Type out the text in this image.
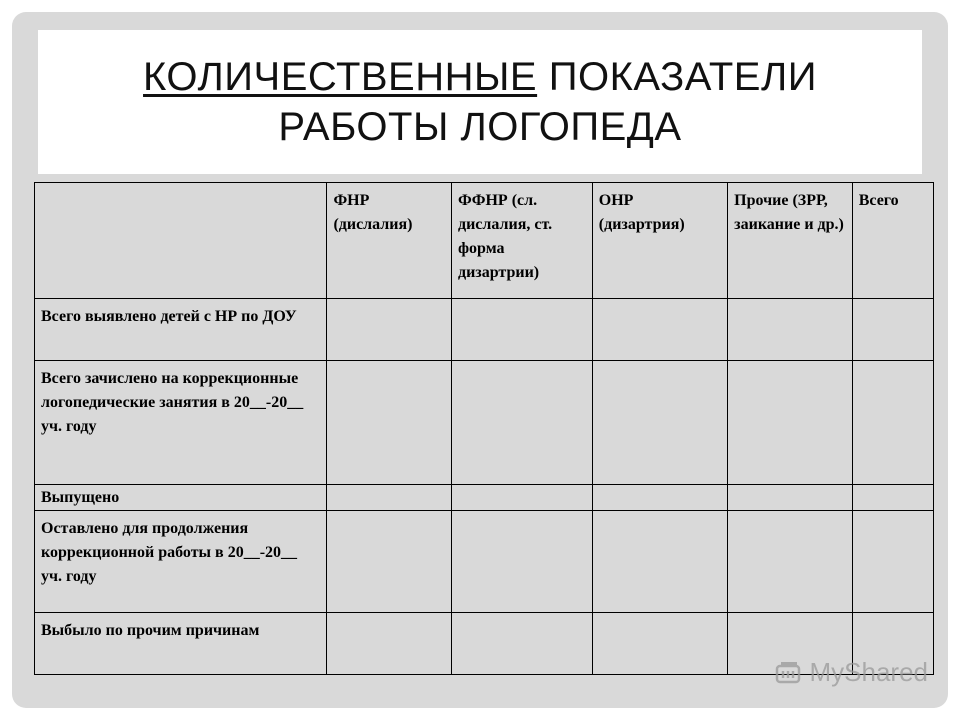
КОЛИЧЕСТВЕННЫЕ ПОКАЗАТЕЛИ
РАБОТЫ ЛОГОПЕДА
	ФНР (дислалия)	ФФНР (сл. дислалия, ст. форма дизартрии)	ОНР (дизартрия)	Прочие (ЗРР, заикание и др.)	Всего
Всего выявлено детей с НР по ДОУ					
Всего зачислено на коррекционные логопедические занятия в 20__-20__ уч. году					
Выпущено					
Оставлено для продолжения коррекционной работы в 20__-20__ уч. году					
Выбыло по прочим причинам					
MyShared
